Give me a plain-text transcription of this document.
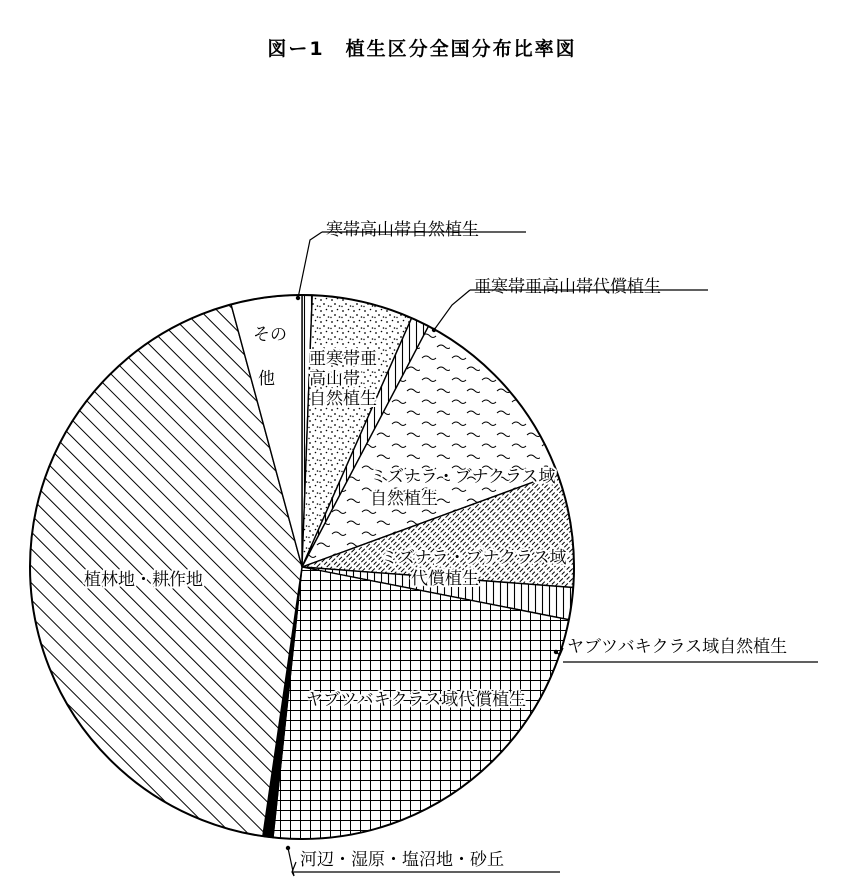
図ー1　植生区分全国分布比率図
寒帯高山帯自然植生
亜寒帯亜高山帯自然植生
亜寒帯亜高山帯代償植生
ミズナラ・ブナクラス域自然植生
ミズナラ・ブナクラス域代償植生
ヤブツバキクラス域自然植生
ヤブツバキクラス域代償植生
河辺・湿原・塩沼地・砂丘
植林地・耕作地
その他
